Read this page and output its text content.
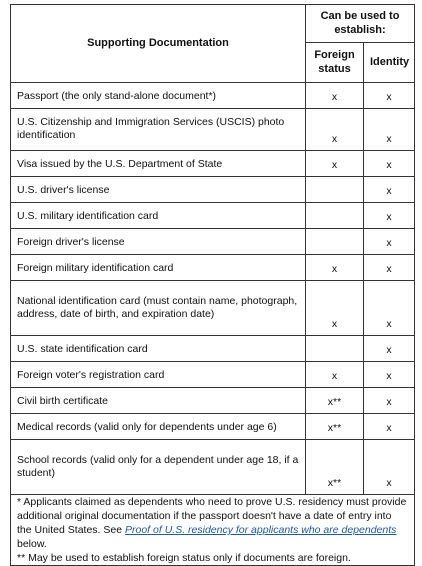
Supporting Documentation	Can be used to establish:	
	Foreign status	Identity
Passport (the only stand-alone document*)	x	x
U.S. Citizenship and Immigration Services (USCIS) photo identification	x	x
Visa issued by the U.S. Department of State	x	x
U.S. driver's license		x
U.S. military identification card		x
Foreign driver's license		x
Foreign military identification card	x	x
National identification card (must contain name, photograph, address, date of birth, and expiration date)	x	x
U.S. state identification card		x
Foreign voter's registration card	x	x
Civil birth certificate	x**	x
Medical records (valid only for dependents under age 6)	x**	x
School records (valid only for a dependent under age 18, if a student)	x**	x
* Applicants claimed as dependents who need to prove U.S. residency must provide additional original documentation if the passport doesn't have a date of entry into the United States. See Proof of U.S. residency for applicants who are dependents below.
** May be used to establish foreign status only if documents are foreign.		
